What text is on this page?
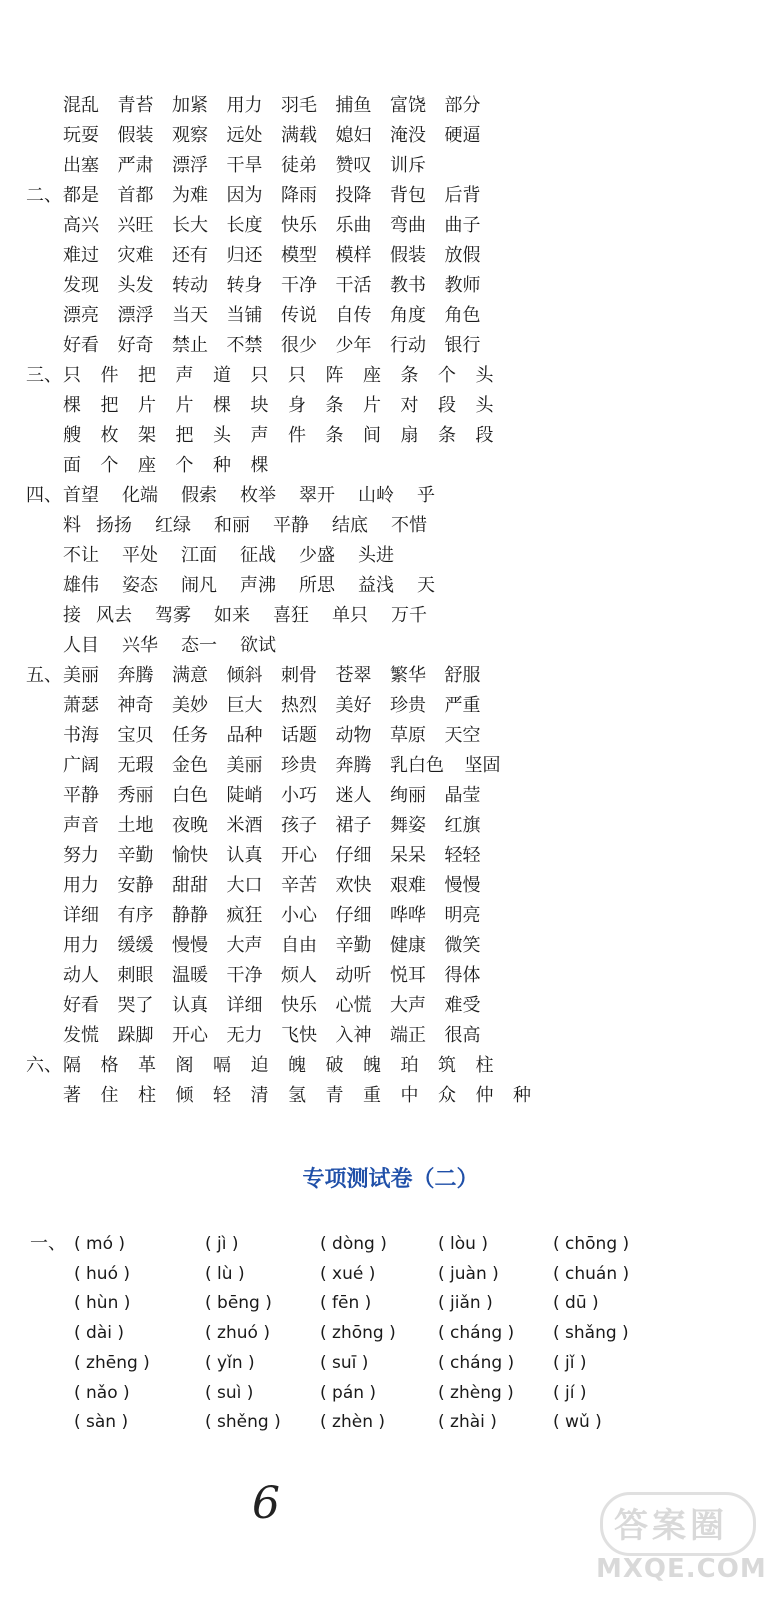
混乱 青苔 加紧 用力 羽毛 捕鱼 富饶 部分
玩耍 假装 观察 远处 满载 媳妇 淹没 硬逼
出塞 严肃 漂浮 干旱 徒弟 赞叹 训斥
二、 都是 首都 为难 因为 降雨 投降 背包 后背
高兴 兴旺 长大 长度 快乐 乐曲 弯曲 曲子
难过 灾难 还有 归还 模型 模样 假装 放假
发现 头发 转动 转身 干净 干活 教书 教师
漂亮 漂浮 当天 当铺 传说 自传 角度 角色
好看 好奇 禁止 不禁 很少 少年 行动 银行
三、 只 件 把 声 道 只 只 阵 座 条 个 头
棵 把 片 片 棵 块 身 条 片 对 段 头
艘 枚 架 把 头 声 件 条 间 扇 条 段
面 个 座 个 种 棵
四、 首望 化端 假索 枚举 翠开 山岭 乎
料 扬扬 红绿 和丽 平静 结底 不惜
不让 平处 江面 征战 少盛 头进
雄伟 姿态 闹凡 声沸 所思 益浅 天
接 风去 驾雾 如来 喜狂 单只 万千
人目 兴华 态一 欲试
五、 美丽 奔腾 满意 倾斜 刺骨 苍翠 繁华 舒服
萧瑟 神奇 美妙 巨大 热烈 美好 珍贵 严重
书海 宝贝 任务 品种 话题 动物 草原 天空
广阔 无瑕 金色 美丽 珍贵 奔腾 乳白色 坚固
平静 秀丽 白色 陡峭 小巧 迷人 绚丽 晶莹
声音 土地 夜晚 米酒 孩子 裙子 舞姿 红旗
努力 辛勤 愉快 认真 开心 仔细 呆呆 轻轻
用力 安静 甜甜 大口 辛苦 欢快 艰难 慢慢
详细 有序 静静 疯狂 小心 仔细 哗哗 明亮
用力 缓缓 慢慢 大声 自由 辛勤 健康 微笑
动人 刺眼 温暖 干净 烦人 动听 悦耳 得体
好看 哭了 认真 详细 快乐 心慌 大声 难受
发慌 跺脚 开心 无力 飞快 入神 端正 很高
六、 隔 格 革 阁 嗝 迫 魄 破 魄 珀 筑 柱
著 住 柱 倾 轻 清 氢 青 重 中 众 仲 种
专项测试卷（二）
一、 ( mó )	( jì )	( dòng )	( lòu )	( chōng )
( huó )	( lù )	( xué )	( juàn )	( chuán )
( hùn )	( bēng )	( fēn )	( jiǎn )	( dū )
( dài )	( zhuó )	( zhōng ) ( cháng ) ( shǎng )
( zhēng )	( yǐn )	( suī )	( cháng ) ( jǐ )
( nǎo )	( suì )	( pán )	( zhèng ) ( jí )
( sàn )	( shěng ) ( zhèn )	( zhài )	( wǔ )
6	答案圈
MXQE.COM
